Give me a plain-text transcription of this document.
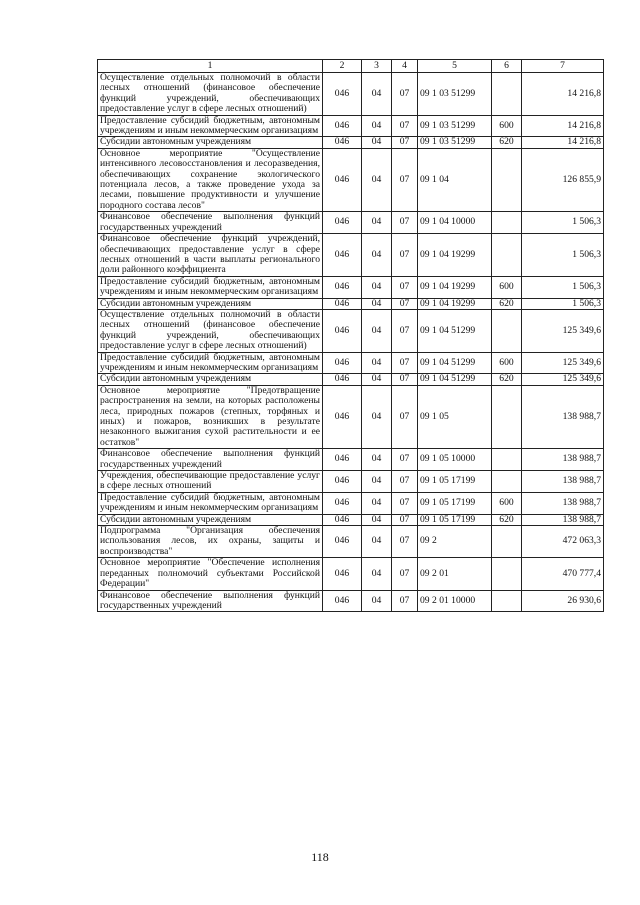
1	2	3	4	5	6	7
Осуществление отдельных полномочий в области лесных отношений (финансовое обеспечение функций учреждений, обеспечивающих предоставление услуг в сфере лесных отношений)	046	04	07	09 1 03 51299		14 216,8
Предоставление субсидий бюджетным, автономным учреждениям и иным некоммерческим организациям	046	04	07	09 1 03 51299	600	14 216,8
Субсидии автономным учреждениям	046	04	07	09 1 03 51299	620	14 216,8
Основное мероприятие "Осуществление интенсивного лесовосстановления и лесоразведения, обеспечивающих сохранение экологического потенциала лесов, а также проведение ухода за лесами, повышение продуктивности и улучшение породного состава лесов"	046	04	07	09 1 04		126 855,9
Финансовое обеспечение выполнения функций государственных учреждений	046	04	07	09 1 04 10000		1 506,3
Финансовое обеспечение функций учреждений, обеспечивающих предоставление услуг в сфере лесных отношений в части выплаты регионального доли районного коэффициента	046	04	07	09 1 04 19299		1 506,3
Предоставление субсидий бюджетным, автономным учреждениям и иным некоммерческим организациям	046	04	07	09 1 04 19299	600	1 506,3
Субсидии автономным учреждениям	046	04	07	09 1 04 19299	620	1 506,3
Осуществление отдельных полномочий в области лесных отношений (финансовое обеспечение функций учреждений, обеспечивающих предоставление услуг в сфере лесных отношений)	046	04	07	09 1 04 51299		125 349,6
Предоставление субсидий бюджетным, автономным учреждениям и иным некоммерческим организациям	046	04	07	09 1 04 51299	600	125 349,6
Субсидии автономным учреждениям	046	04	07	09 1 04 51299	620	125 349,6
Основное мероприятие "Предотвращение распространения на земли, на которых расположены леса, природных пожаров (степных, торфяных и иных) и пожаров, возникших в результате незаконного выжигания сухой растительности и ее остатков"	046	04	07	09 1 05		138 988,7
Финансовое обеспечение выполнения функций государственных учреждений	046	04	07	09 1 05 10000		138 988,7
Учреждения, обеспечивающие предоставление услуг в сфере лесных отношений	046	04	07	09 1 05 17199		138 988,7
Предоставление субсидий бюджетным, автономным учреждениям и иным некоммерческим организациям	046	04	07	09 1 05 17199	600	138 988,7
Субсидии автономным учреждениям	046	04	07	09 1 05 17199	620	138 988,7
Подпрограмма "Организация обеспечения использования лесов, их охраны, защиты и воспроизводства"	046	04	07	09 2		472 063,3
Основное мероприятие "Обеспечение исполнения переданных полномочий субъектами Российской Федерации"	046	04	07	09 2 01		470 777,4
Финансовое обеспечение выполнения функций государственных учреждений	046	04	07	09 2 01 10000		26 930,6
118
